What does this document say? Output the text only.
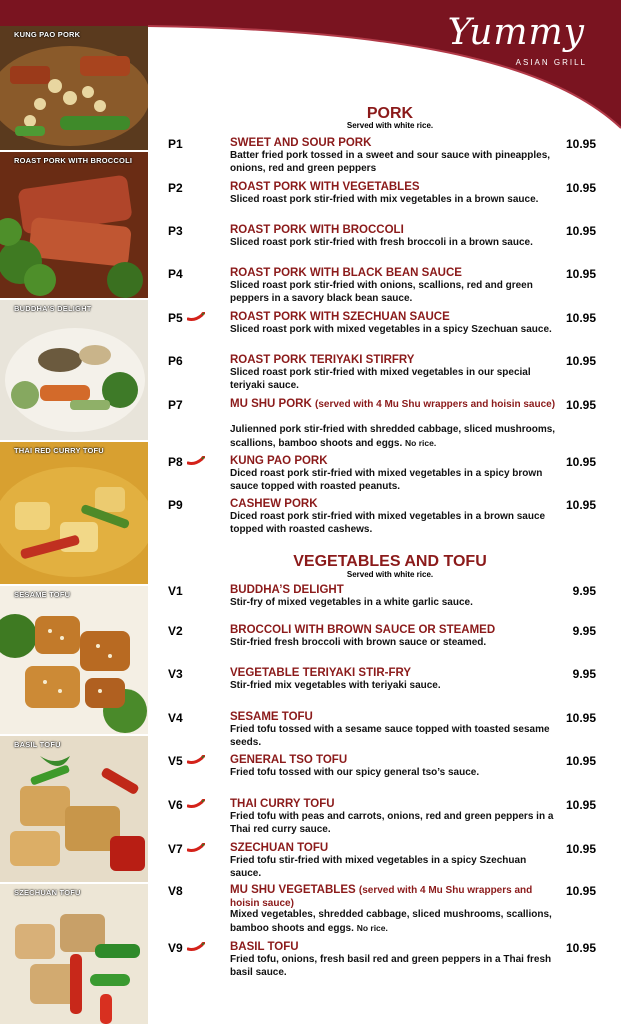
Yummy
ASIAN GRILL
KUNG PAO PORK
ROAST PORK WITH BROCCOLI
BUDDHA'S DELIGHT
THAI RED CURRY TOFU
SESAME TOFU
BASIL TOFU
SZECHUAN TOFU
PORK
Served with white rice.
P1	SWEET AND SOUR PORK	10.95
Batter fried pork tossed in a sweet and sour sauce with pineapples, onions, red and green peppers
P2	ROAST PORK WITH VEGETABLES	10.95
Sliced roast pork stir-fried with mix vegetables in a brown sauce.
P3	ROAST PORK WITH BROCCOLI	10.95
Sliced roast pork stir-fried with fresh broccoli in a brown sauce.
P4	ROAST PORK WITH BLACK BEAN SAUCE	10.95
Sliced roast pork stir-fried with onions, scallions, red and green peppers in a savory black bean sauce.
P5	ROAST PORK WITH SZECHUAN SAUCE	10.95
Sliced roast pork with mixed vegetables in a spicy Szechuan sauce.
P6	ROAST PORK TERIYAKI STIRFRY	10.95
Sliced roast pork stir-fried with mixed vegetables in our special teriyaki sauce.
P7	MU SHU PORK (served with 4 Mu Shu wrappers and hoisin sauce) 10.95
Julienned pork stir-fried with shredded cabbage, sliced mushrooms, scallions, bamboo shoots and eggs. No rice.
P8	KUNG PAO PORK	10.95
Diced roast pork stir-fried with mixed vegetables in a spicy brown sauce topped with roasted peanuts.
P9	CASHEW PORK	10.95
Diced roast pork stir-fried with mixed vegetables in a brown sauce topped with roasted cashews.
VEGETABLES AND TOFU
Served with white rice.
V1	BUDDHA’S DELIGHT	9.95
Stir-fry of mixed vegetables in a white garlic sauce.
V2	BROCCOLI WITH BROWN SAUCE OR STEAMED	9.95
Stir-fried fresh broccoli with brown sauce or steamed.
V3	VEGETABLE TERIYAKI STIR-FRY	9.95
Stir-fried mix vegetables with teriyaki sauce.
V4	SESAME TOFU	10.95
Fried tofu tossed with a sesame sauce topped with toasted sesame seeds.
V5	GENERAL TSO TOFU	10.95
Fried tofu tossed with our spicy general tso’s sauce.
V6	THAI CURRY TOFU	10.95
Fried tofu with peas and carrots, onions, red and green peppers in a Thai red curry sauce.
V7	SZECHUAN TOFU	10.95
Fried tofu stir-fried with mixed vegetables in a spicy Szechuan sauce.
V8	MU SHU VEGETABLES (served with 4 Mu Shu wrappers and hoisin sauce)
10.95
Mixed vegetables, shredded cabbage, sliced mushrooms, scallions, bamboo shoots and eggs. No rice.
V9	BASIL TOFU	10.95
Fried tofu, onions, fresh basil red and green peppers in a Thai fresh basil sauce.
